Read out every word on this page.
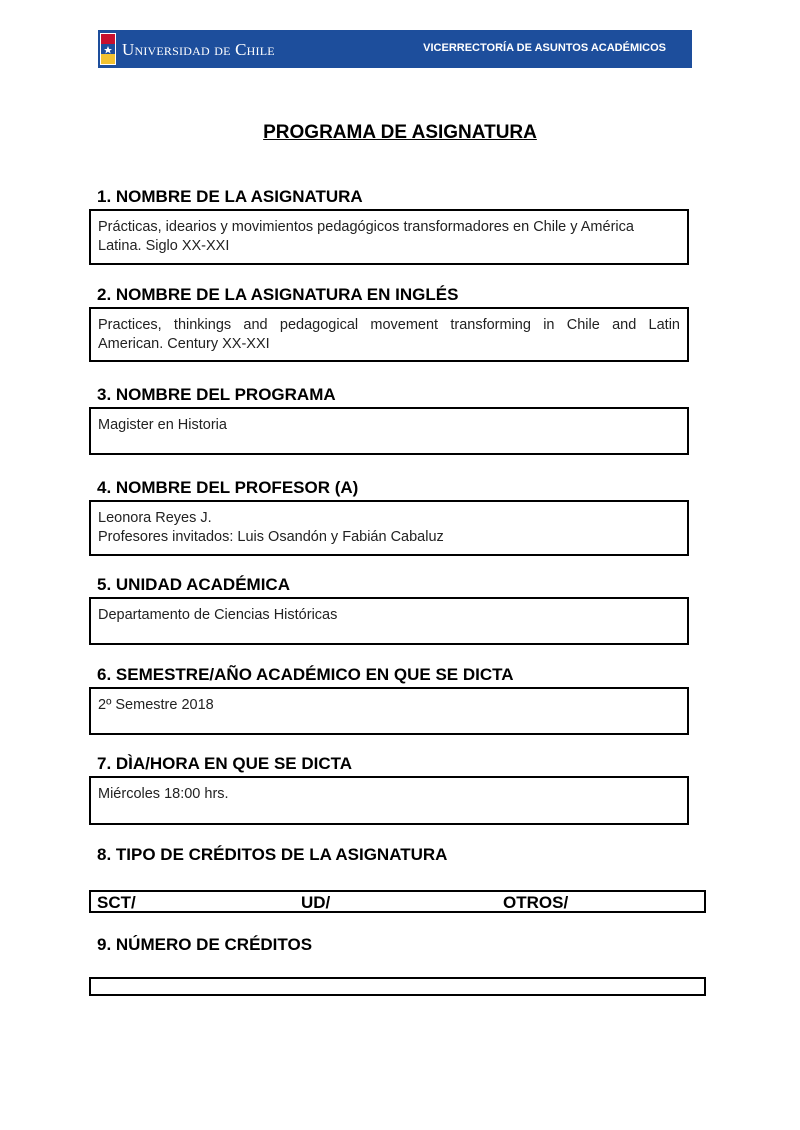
Universidad de Chile	VICERRECTORÍA DE ASUNTOS ACADÉMICOS
PROGRAMA DE ASIGNATURA
1. NOMBRE DE LA ASIGNATURA
Prácticas, idearios y movimientos pedagógicos transformadores en Chile y América
Latina. Siglo XX-XXI
2. NOMBRE DE LA ASIGNATURA EN INGLÉS
Practices, thinkings and pedagogical movement transforming in Chile and Latin
American. Century XX-XXI
3. NOMBRE DEL PROGRAMA
Magister en Historia
4. NOMBRE DEL PROFESOR (A)
Leonora Reyes J.
Profesores invitados: Luis Osandón y Fabián Cabaluz
5. UNIDAD ACADÉMICA
Departamento de Ciencias Históricas
6. SEMESTRE/AÑO ACADÉMICO EN QUE SE DICTA
2º Semestre 2018
7. DÌA/HORA EN QUE SE DICTA
Miércoles 18:00 hrs.
8. TIPO DE CRÉDITOS DE LA ASIGNATURA
SCT/	UD/	OTROS/
9. NÚMERO DE CRÉDITOS
